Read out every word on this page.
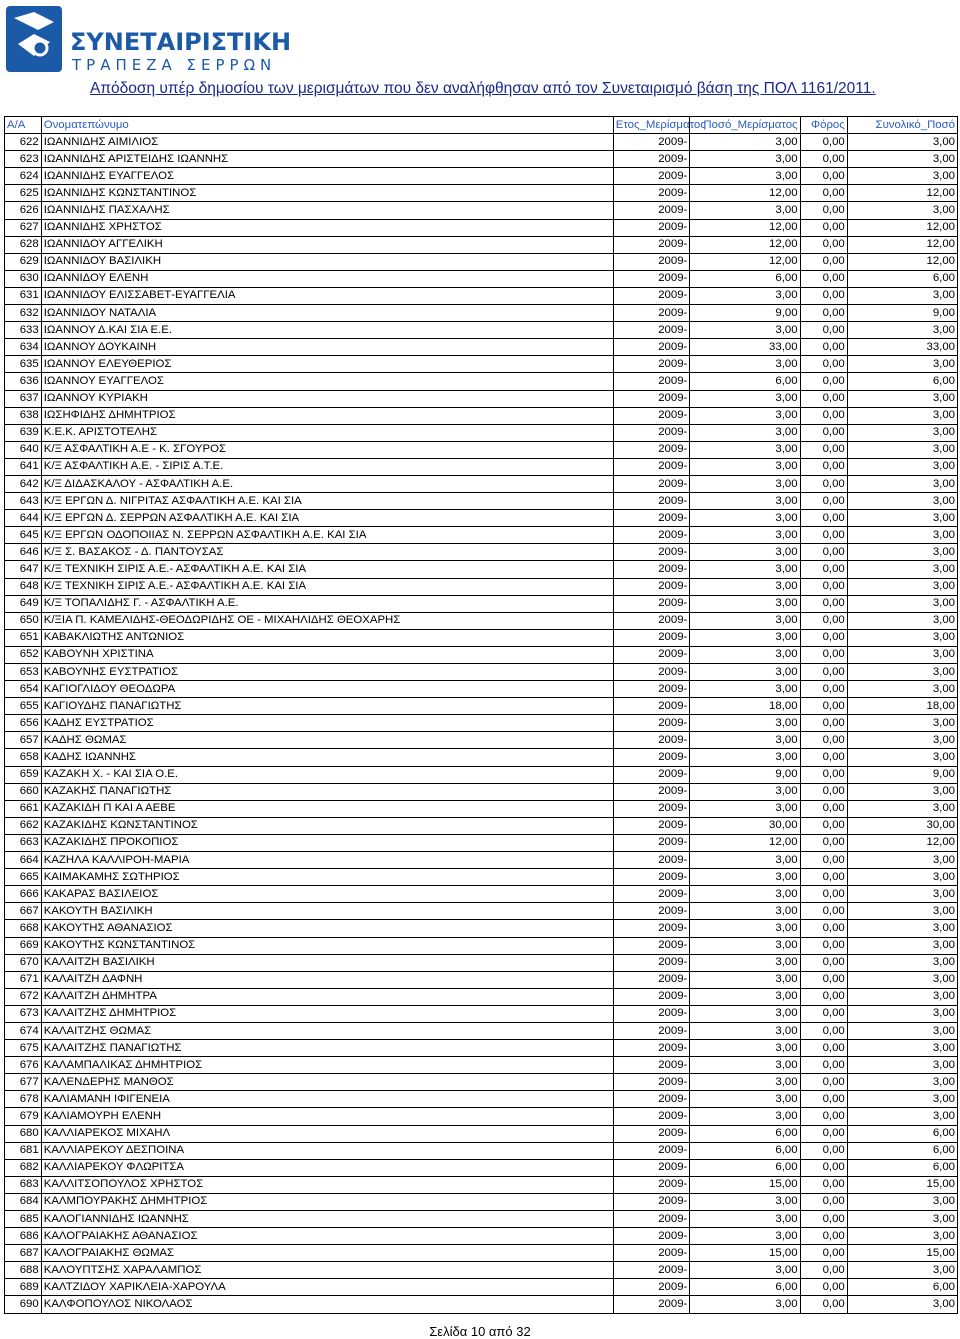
ΣΥΝΕΤΑΙΡΙΣΤΙΚΗ
ΤΡΑΠΕΖΑ ΣΕΡΡΩΝ
Απόδοση υπέρ δημοσίου των μερισμάτων που δεν αναλήφθησαν από τον Συνεταιρισμό βάση της ΠΟΛ 1161/2011.
Α/Α	Ονοματεπώνυμο	Ετος_Μερίσματος	Ποσό_Μερίσματος	Φόρος	Συνολικό_Ποσό
622	ΙΩΑΝΝΙΔΗΣ ΑΙΜΙΛΙΟΣ	2009-	3,00	0,00	3,00
623	ΙΩΑΝΝΙΔΗΣ ΑΡΙΣΤΕΙΔΗΣ ΙΩΑΝΝΗΣ	2009-	3,00	0,00	3,00
624	ΙΩΑΝΝΙΔΗΣ ΕΥΑΓΓΕΛΟΣ	2009-	3,00	0,00	3,00
625	ΙΩΑΝΝΙΔΗΣ ΚΩΝΣΤΑΝΤΙΝΟΣ	2009-	12,00	0,00	12,00
626	ΙΩΑΝΝΙΔΗΣ ΠΑΣΧΑΛΗΣ	2009-	3,00	0,00	3,00
627	ΙΩΑΝΝΙΔΗΣ ΧΡΗΣΤΟΣ	2009-	12,00	0,00	12,00
628	ΙΩΑΝΝΙΔΟΥ ΑΓΓΕΛΙΚΗ	2009-	12,00	0,00	12,00
629	ΙΩΑΝΝΙΔΟΥ ΒΑΣΙΛΙΚΗ	2009-	12,00	0,00	12,00
630	ΙΩΑΝΝΙΔΟΥ ΕΛΕΝΗ	2009-	6,00	0,00	6,00
631	ΙΩΑΝΝΙΔΟΥ ΕΛΙΣΣΑΒΕΤ-ΕΥΑΓΓΕΛΙΑ	2009-	3,00	0,00	3,00
632	ΙΩΑΝΝΙΔΟΥ ΝΑΤΑΛΙΑ	2009-	9,00	0,00	9,00
633	ΙΩΑΝΝΟΥ Δ.ΚΑΙ ΣΙΑ Ε.Ε.	2009-	3,00	0,00	3,00
634	ΙΩΑΝΝΟΥ ΔΟΥΚΑΙΝΗ	2009-	33,00	0,00	33,00
635	ΙΩΑΝΝΟΥ ΕΛΕΥΘΕΡΙΟΣ	2009-	3,00	0,00	3,00
636	ΙΩΑΝΝΟΥ ΕΥΑΓΓΕΛΟΣ	2009-	6,00	0,00	6,00
637	ΙΩΑΝΝΟΥ ΚΥΡΙΑΚΗ	2009-	3,00	0,00	3,00
638	ΙΩΣΗΦΙΔΗΣ ΔΗΜΗΤΡΙΟΣ	2009-	3,00	0,00	3,00
639	Κ.Ε.Κ. ΑΡΙΣΤΟΤΕΛΗΣ	2009-	3,00	0,00	3,00
640	Κ/Ξ ΑΣΦΑΛΤΙΚΗ Α.Ε - Κ. ΣΓΟΥΡΟΣ	2009-	3,00	0,00	3,00
641	Κ/Ξ ΑΣΦΑΛΤΙΚΗ Α.Ε. - ΣΙΡΙΣ Α.Τ.Ε.	2009-	3,00	0,00	3,00
642	Κ/Ξ ΔΙΔΑΣΚΑΛΟΥ - ΑΣΦΑΛΤΙΚΗ Α.Ε.	2009-	3,00	0,00	3,00
643	Κ/Ξ ΕΡΓΩΝ Δ. ΝΙΓΡΙΤΑΣ ΑΣΦΑΛΤΙΚΗ Α.Ε. ΚΑΙ ΣΙΑ	2009-	3,00	0,00	3,00
644	Κ/Ξ ΕΡΓΩΝ Δ. ΣΕΡΡΩΝ ΑΣΦΑΛΤΙΚΗ Α.Ε. ΚΑΙ ΣΙΑ	2009-	3,00	0,00	3,00
645	Κ/Ξ ΕΡΓΩΝ ΟΔΟΠΟΙΙΑΣ Ν. ΣΕΡΡΩΝ ΑΣΦΑΛΤΙΚΗ Α.Ε. ΚΑΙ ΣΙΑ	2009-	3,00	0,00	3,00
646	Κ/Ξ Σ. ΒΑΣΑΚΟΣ - Δ. ΠΑΝΤΟΥΣΑΣ	2009-	3,00	0,00	3,00
647	Κ/Ξ ΤΕΧΝΙΚΗ ΣΙΡΙΣ Α.Ε.- ΑΣΦΑΛΤΙΚΗ Α.Ε. ΚΑΙ ΣΙΑ	2009-	3,00	0,00	3,00
648	Κ/Ξ ΤΕΧΝΙΚΗ ΣΙΡΙΣ Α.Ε.- ΑΣΦΑΛΤΙΚΗ Α.Ε. ΚΑΙ ΣΙΑ	2009-	3,00	0,00	3,00
649	Κ/Ξ ΤΟΠΑΛΙΔΗΣ Γ. - ΑΣΦΑΛΤΙΚΗ Α.Ε.	2009-	3,00	0,00	3,00
650	Κ/ΞΙΑ Π. ΚΑΜΕΛΙΔΗΣ-ΘΕΟΔΩΡΙΔΗΣ ΟΕ - ΜΙΧΑΗΛΙΔΗΣ ΘΕΟΧΑΡΗΣ	2009-	3,00	0,00	3,00
651	ΚΑΒΑΚΛΙΩΤΗΣ ΑΝΤΩΝΙΟΣ	2009-	3,00	0,00	3,00
652	ΚΑΒΟΥΝΗ ΧΡΙΣΤΙΝΑ	2009-	3,00	0,00	3,00
653	ΚΑΒΟΥΝΗΣ ΕΥΣΤΡΑΤΙΟΣ	2009-	3,00	0,00	3,00
654	ΚΑΓΙΟΓΛΙΔΟΥ ΘΕΟΔΩΡΑ	2009-	3,00	0,00	3,00
655	ΚΑΓΙΟΥΔΗΣ ΠΑΝΑΓΙΩΤΗΣ	2009-	18,00	0,00	18,00
656	ΚΑΔΗΣ ΕΥΣΤΡΑΤΙΟΣ	2009-	3,00	0,00	3,00
657	ΚΑΔΗΣ ΘΩΜΑΣ	2009-	3,00	0,00	3,00
658	ΚΑΔΗΣ ΙΩΑΝΝΗΣ	2009-	3,00	0,00	3,00
659	ΚΑΖΑΚΗ Χ. - ΚΑΙ ΣΙΑ Ο.Ε.	2009-	9,00	0,00	9,00
660	ΚΑΖΑΚΗΣ ΠΑΝΑΓΙΩΤΗΣ	2009-	3,00	0,00	3,00
661	ΚΑΖΑΚΙΔΗ Π ΚΑΙ Α ΑΕΒΕ	2009-	3,00	0,00	3,00
662	ΚΑΖΑΚΙΔΗΣ ΚΩΝΣΤΑΝΤΙΝΟΣ	2009-	30,00	0,00	30,00
663	ΚΑΖΑΚΙΔΗΣ ΠΡΟΚΟΠΙΟΣ	2009-	12,00	0,00	12,00
664	ΚΑΖΗΛΑ ΚΑΛΛΙΡΟΗ-ΜΑΡΙΑ	2009-	3,00	0,00	3,00
665	ΚΑΙΜΑΚΑΜΗΣ ΣΩΤΗΡΙΟΣ	2009-	3,00	0,00	3,00
666	ΚΑΚΑΡΑΣ ΒΑΣΙΛΕΙΟΣ	2009-	3,00	0,00	3,00
667	ΚΑΚΟΥΤΗ ΒΑΣΙΛΙΚΗ	2009-	3,00	0,00	3,00
668	ΚΑΚΟΥΤΗΣ ΑΘΑΝΑΣΙΟΣ	2009-	3,00	0,00	3,00
669	ΚΑΚΟΥΤΗΣ ΚΩΝΣΤΑΝΤΙΝΟΣ	2009-	3,00	0,00	3,00
670	ΚΑΛΑΙΤΖΗ ΒΑΣΙΛΙΚΗ	2009-	3,00	0,00	3,00
671	ΚΑΛΑΙΤΖΗ ΔΑΦΝΗ	2009-	3,00	0,00	3,00
672	ΚΑΛΑΙΤΖΗ ΔΗΜΗΤΡΑ	2009-	3,00	0,00	3,00
673	ΚΑΛΑΙΤΖΗΣ ΔΗΜΗΤΡΙΟΣ	2009-	3,00	0,00	3,00
674	ΚΑΛΑΙΤΖΗΣ ΘΩΜΑΣ	2009-	3,00	0,00	3,00
675	ΚΑΛΑΙΤΖΗΣ ΠΑΝΑΓΙΩΤΗΣ	2009-	3,00	0,00	3,00
676	ΚΑΛΑΜΠΑΛΙΚΑΣ ΔΗΜΗΤΡΙΟΣ	2009-	3,00	0,00	3,00
677	ΚΑΛΕΝΔΕΡΗΣ ΜΑΝΘΟΣ	2009-	3,00	0,00	3,00
678	ΚΑΛΙΑΜΑΝΗ ΙΦΙΓΕΝΕΙΑ	2009-	3,00	0,00	3,00
679	ΚΑΛΙΑΜΟΥΡΗ ΕΛΕΝΗ	2009-	3,00	0,00	3,00
680	ΚΑΛΛΙΑΡΕΚΟΣ ΜΙΧΑΗΛ	2009-	6,00	0,00	6,00
681	ΚΑΛΛΙΑΡΕΚΟΥ ΔΕΣΠΟΙΝΑ	2009-	6,00	0,00	6,00
682	ΚΑΛΛΙΑΡΕΚΟΥ ΦΛΩΡΙΤΣΑ	2009-	6,00	0,00	6,00
683	ΚΑΛΛΙΤΣΟΠΟΥΛΟΣ ΧΡΗΣΤΟΣ	2009-	15,00	0,00	15,00
684	ΚΑΛΜΠΟΥΡΑΚΗΣ ΔΗΜΗΤΡΙΟΣ	2009-	3,00	0,00	3,00
685	ΚΑΛΟΓΙΑΝΝΙΔΗΣ ΙΩΑΝΝΗΣ	2009-	3,00	0,00	3,00
686	ΚΑΛΟΓΡΑΙΑΚΗΣ ΑΘΑΝΑΣΙΟΣ	2009-	3,00	0,00	3,00
687	ΚΑΛΟΓΡΑΙΑΚΗΣ ΘΩΜΑΣ	2009-	15,00	0,00	15,00
688	ΚΑΛΟΥΠΤΣΗΣ ΧΑΡΑΛΑΜΠΟΣ	2009-	3,00	0,00	3,00
689	ΚΑΛΤΖΙΔΟΥ ΧΑΡΙΚΛΕΙΑ-ΧΑΡΟΥΛΑ	2009-	6,00	0,00	6,00
690	ΚΑΛΦΟΠΟΥΛΟΣ ΝΙΚΟΛΑΟΣ	2009-	3,00	0,00	3,00
Σελίδα 10 από 32
